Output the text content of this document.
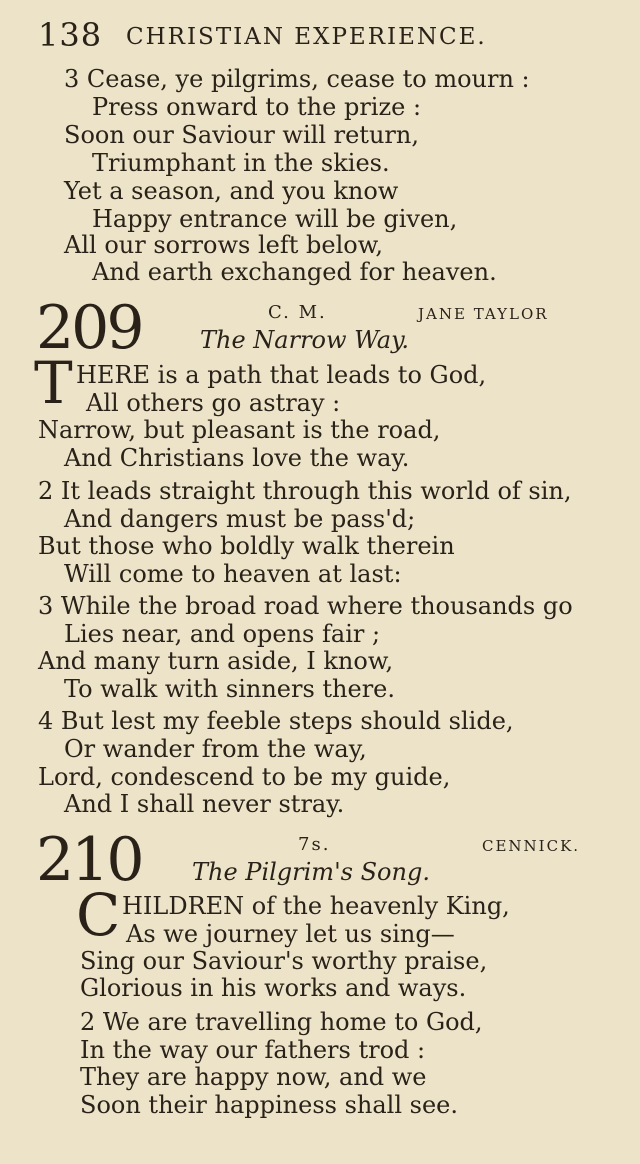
138 CHRISTIAN EXPERIENCE.
3 Cease, ye pilgrims, cease to mourn :
Press onward to the prize :
Soon our Saviour will return,
Triumphant in the skies.
Yet a season, and you know
Happy entrance will be given,
All our sorrows left below,
And earth exchanged for heaven.
209	C. M.	JANE TAYLOR
The Narrow Way.
T HERE is a path that leads to God,
All others go astray :
Narrow, but pleasant is the road,
And Christians love the way.
2 It leads straight through this world of sin,
And dangers must be pass'd;
But those who boldly walk therein
Will come to heaven at last:
3 While the broad road where thousands go
Lies near, and opens fair ;
And many turn aside, I know,
To walk with sinners there.
4 But lest my feeble steps should slide,
Or wander from the way,
Lord, condescend to be my guide,
And I shall never stray.
210	7s.	CENNICK.
The Pilgrim's Song.
C HILDREN of the heavenly King,
As we journey let us sing—
Sing our Saviour's worthy praise,
Glorious in his works and ways.
2 We are travelling home to God,
In the way our fathers trod :
They are happy now, and we
Soon their happiness shall see.
